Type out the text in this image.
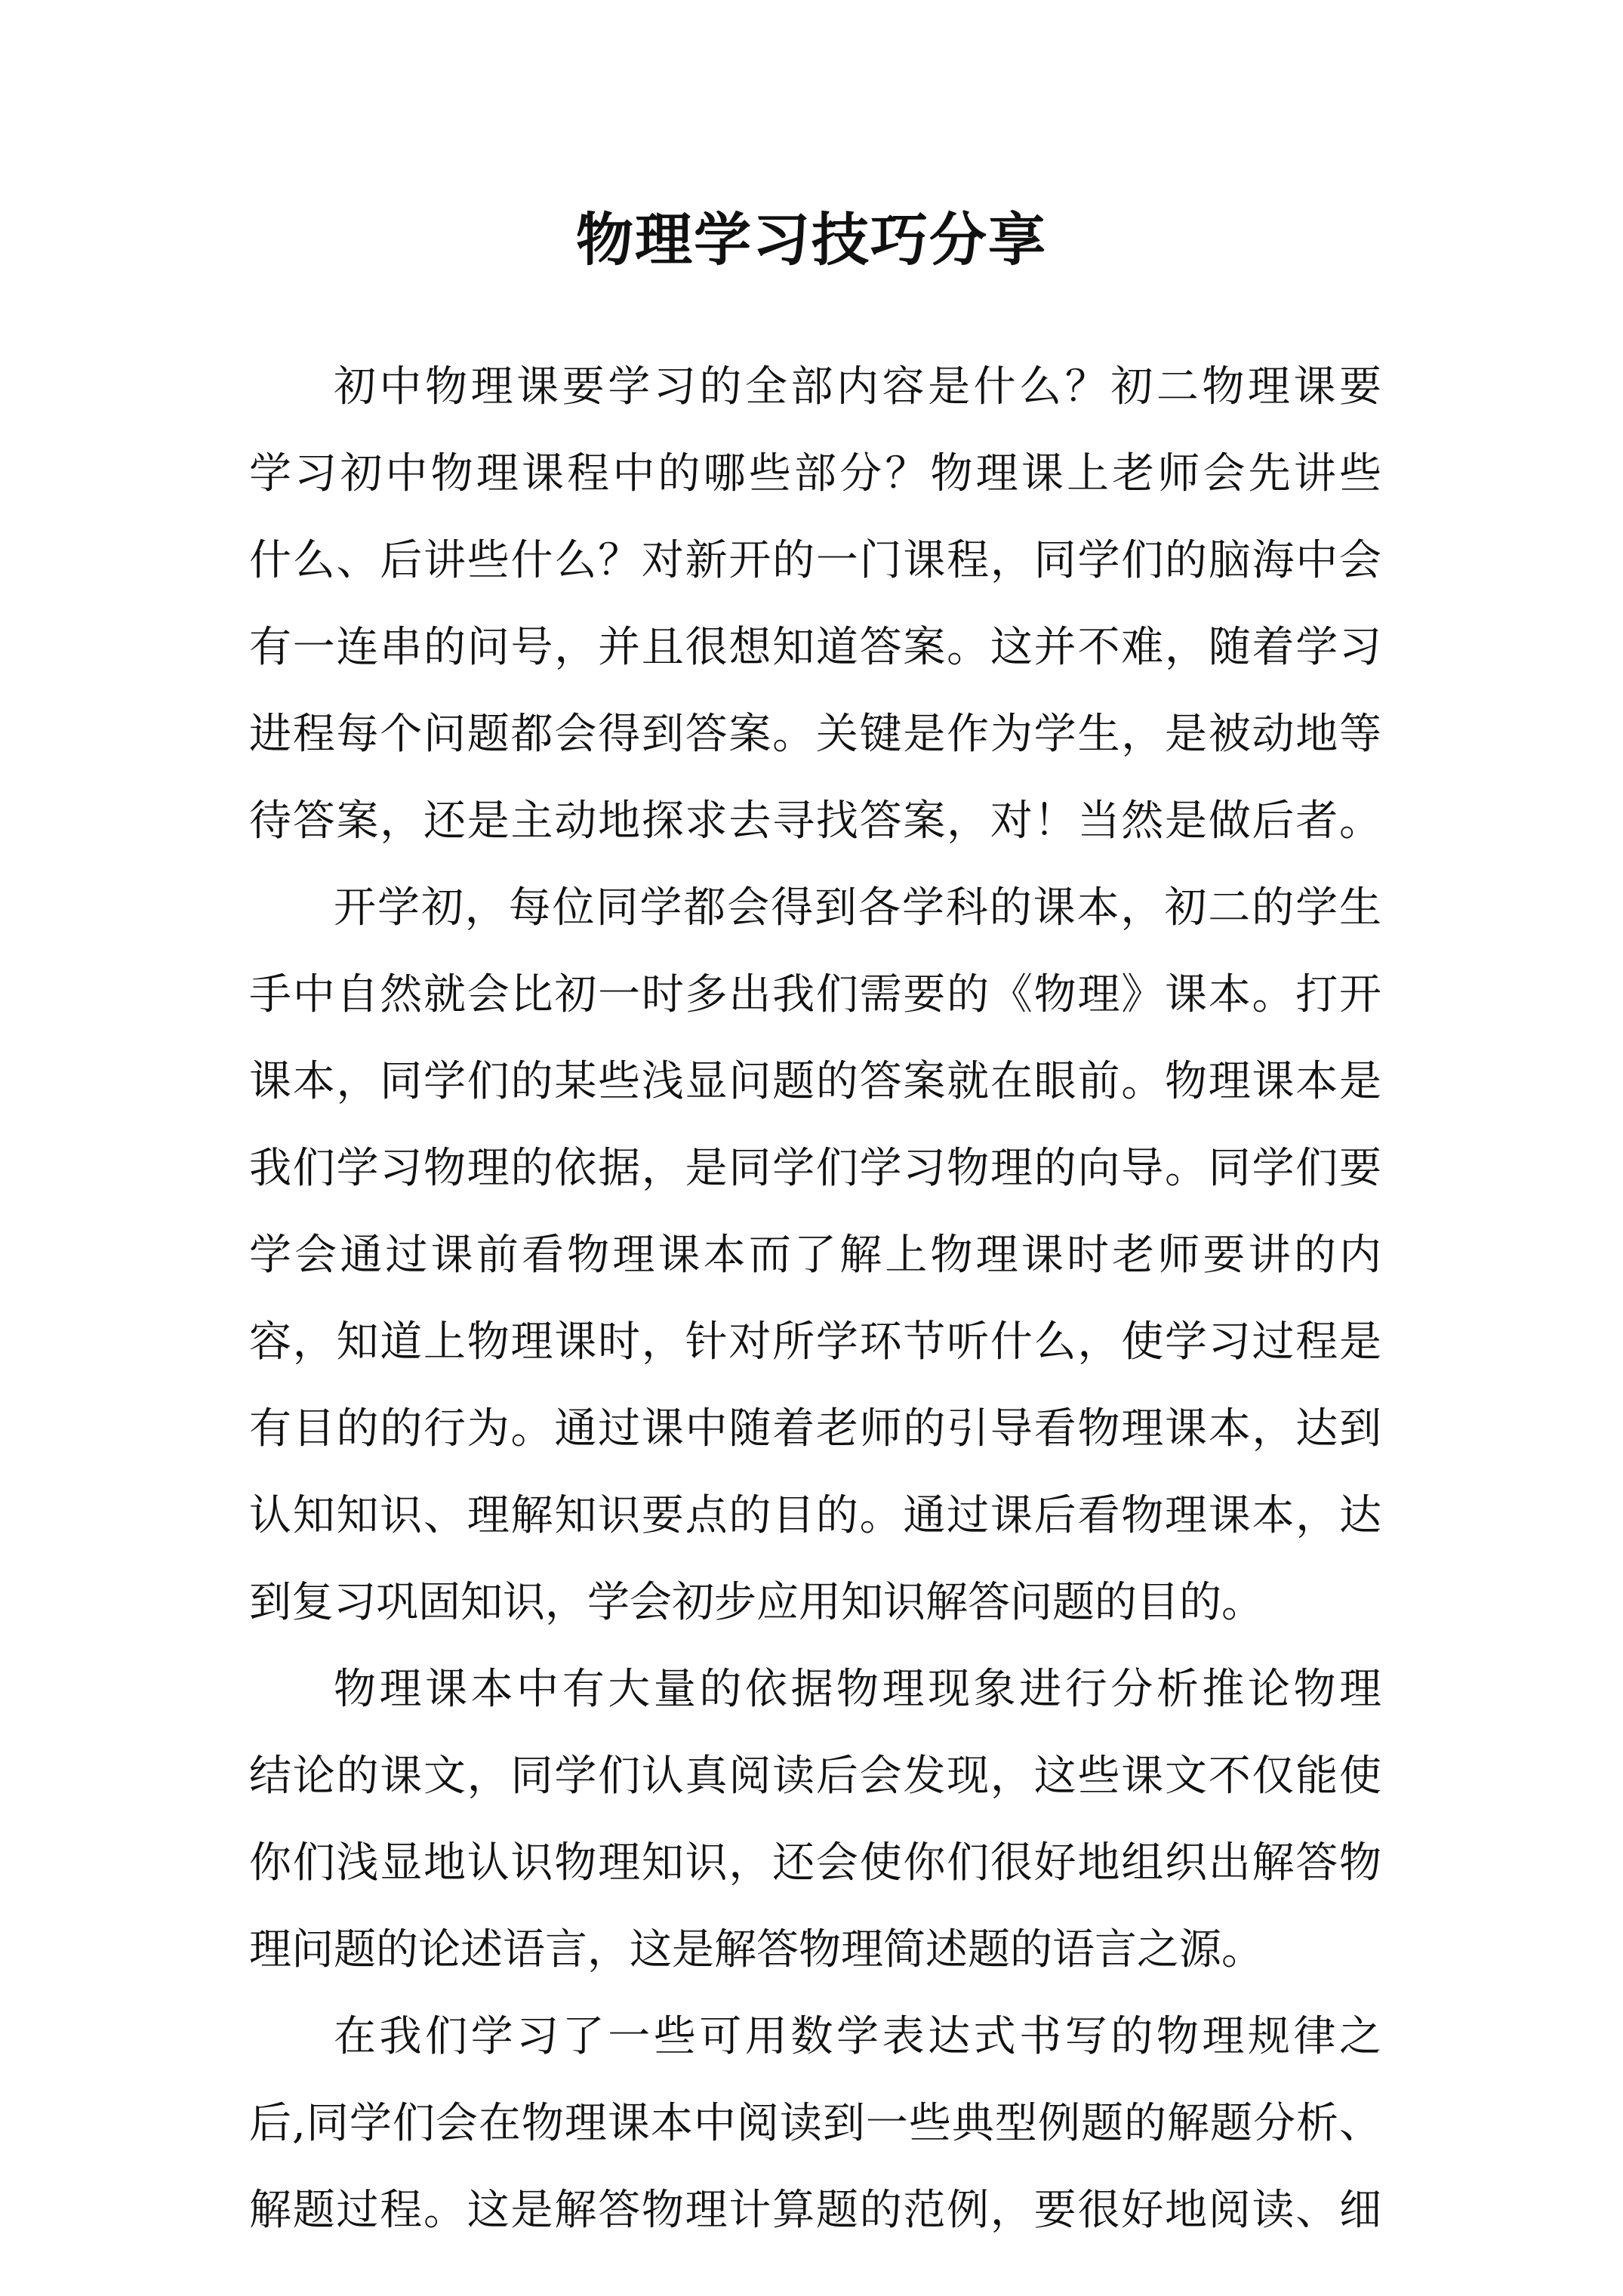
物理学习技巧分享
初中物理课要学习的全部内容是什么？初二物理课要
学习初中物理课程中的哪些部分？物理课上老师会先讲些
什么、后讲些什么？对新开的一门课程，同学们的脑海中会
有一连串的问号，并且很想知道答案。这并不难，随着学习
进程每个问题都会得到答案。关键是作为学生，是被动地等
待答案，还是主动地探求去寻找答案，对！当然是做后者。
开学初，每位同学都会得到各学科的课本，初二的学生
手中自然就会比初一时多出我们需要的《物理》课本。打开
课本，同学们的某些浅显问题的答案就在眼前。物理课本是
我们学习物理的依据，是同学们学习物理的向导。同学们要
学会通过课前看物理课本而了解上物理课时老师要讲的内
容，知道上物理课时，针对所学环节听什么，使学习过程是
有目的的行为。通过课中随着老师的引导看物理课本，达到
认知知识、理解知识要点的目的。通过课后看物理课本，达
到复习巩固知识，学会初步应用知识解答问题的目的。
物理课本中有大量的依据物理现象进行分析推论物理
结论的课文，同学们认真阅读后会发现，这些课文不仅能使
你们浅显地认识物理知识，还会使你们很好地组织出解答物
理问题的论述语言，这是解答物理简述题的语言之源。
在我们学习了一些可用数学表达式书写的物理规律之
后,同学们会在物理课本中阅读到一些典型例题的解题分析、
解题过程。这是解答物理计算题的范例，要很好地阅读、细
